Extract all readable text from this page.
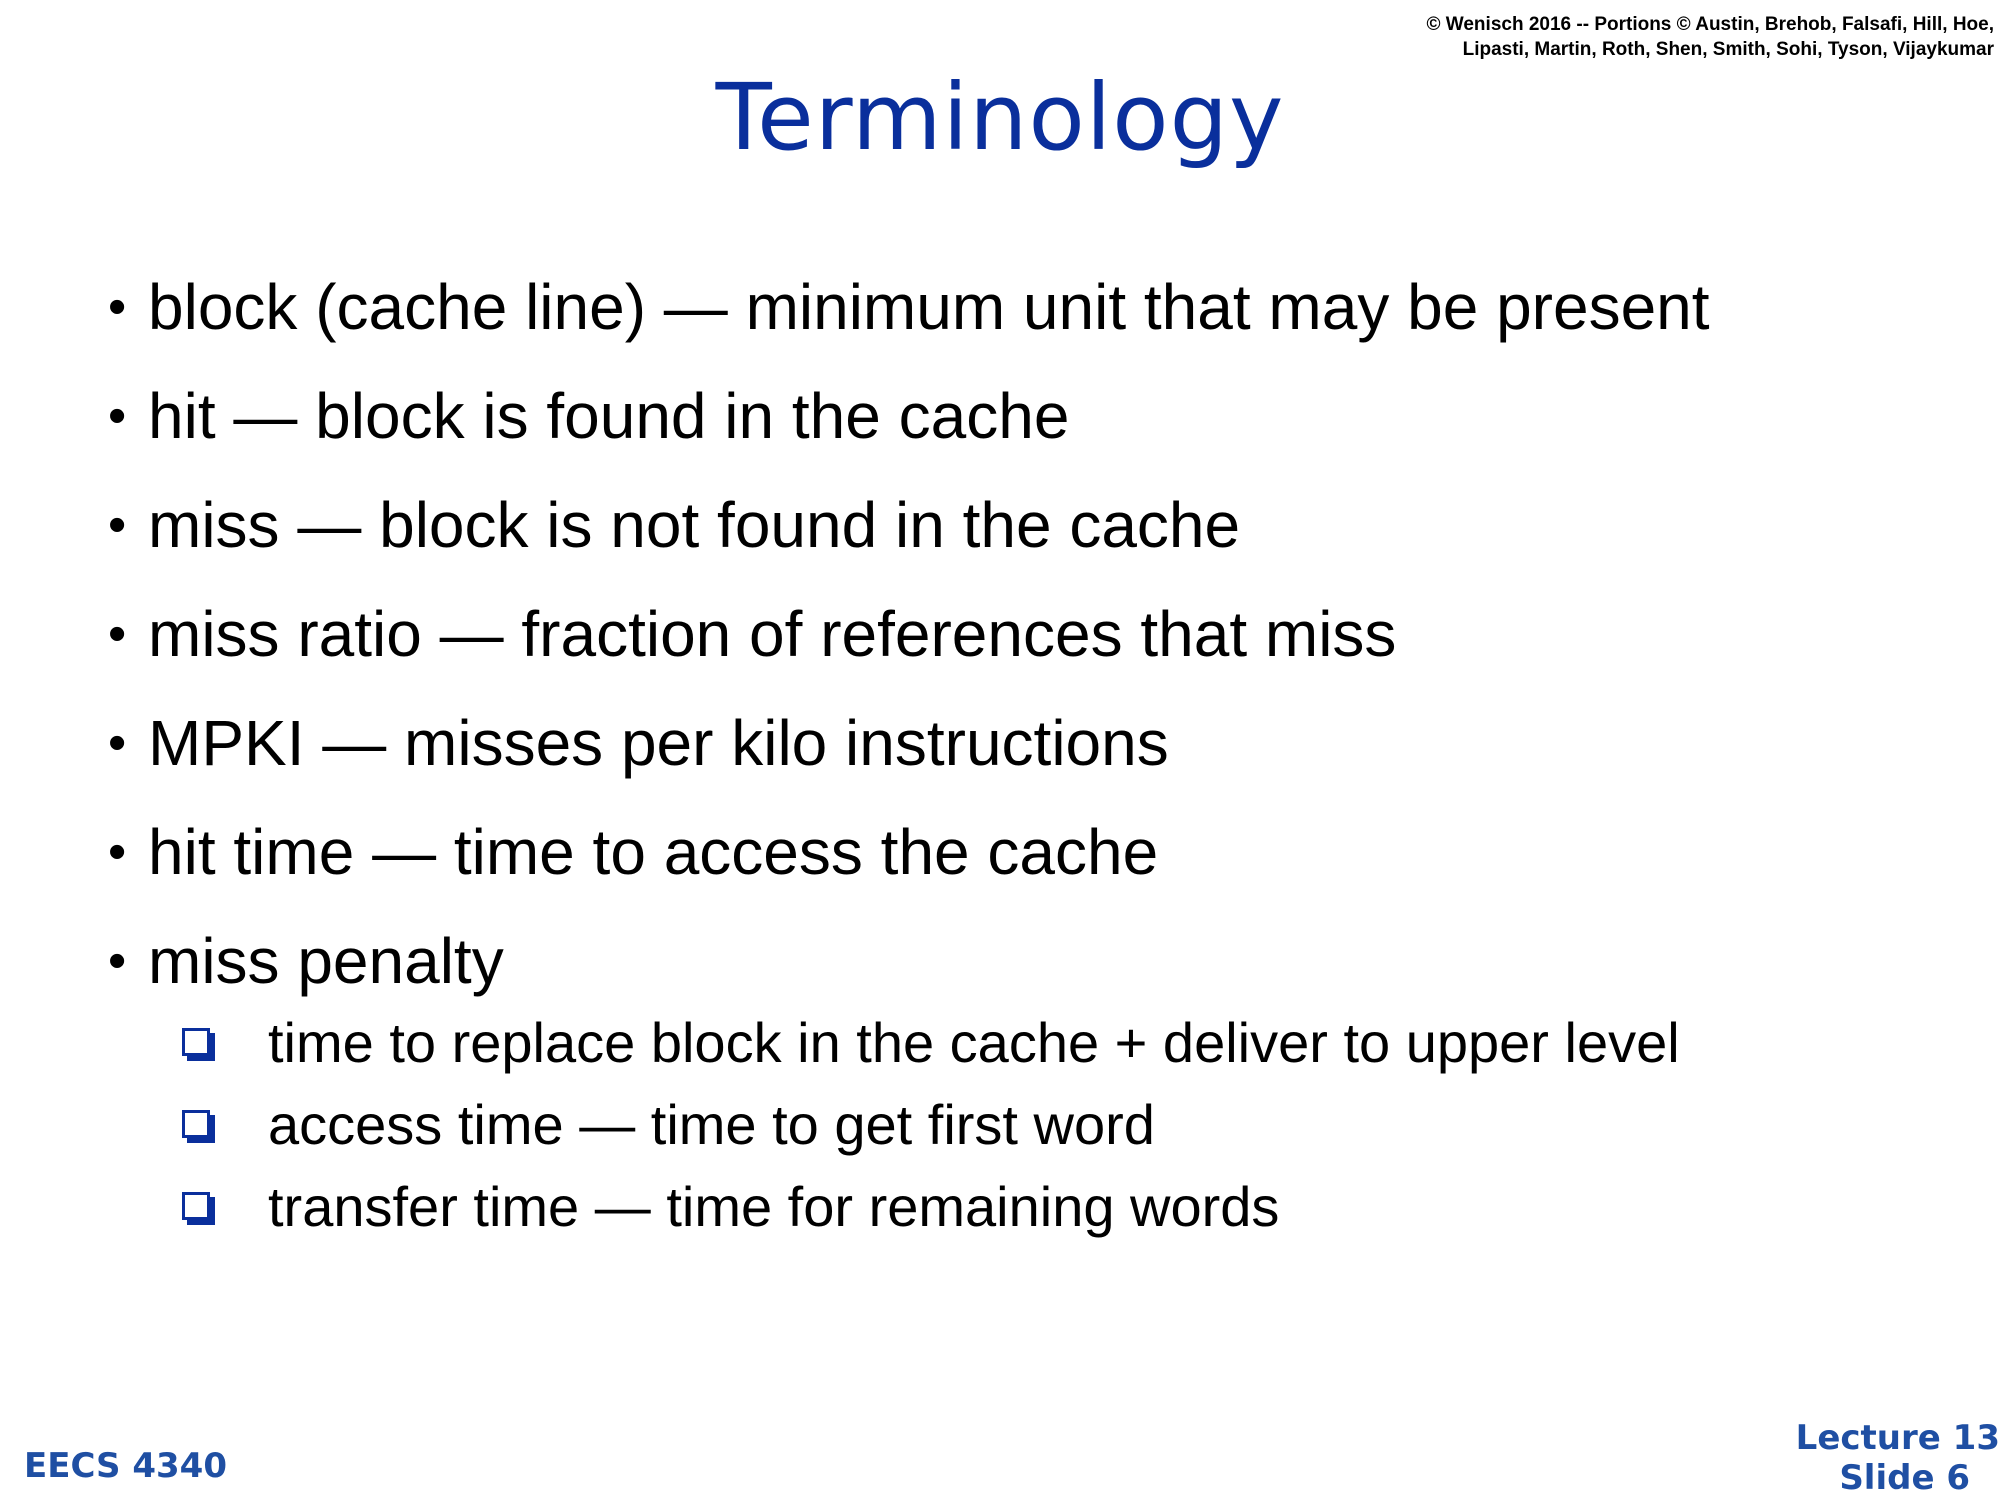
© Wenisch 2016 -- Portions © Austin, Brehob, Falsafi, Hill, Hoe,
Lipasti, Martin, Roth, Shen, Smith, Sohi, Tyson, Vijaykumar
Terminology
• block (cache line) — minimum unit that may be present
• hit — block is found in the cache
• miss — block is not found in the cache
• miss ratio — fraction of references that miss
• MPKI — misses per kilo instructions
• hit time — time to access the cache
• miss penalty
time to replace block in the cache + deliver to upper level
access time — time to get first word
transfer time — time for remaining words
EECS 4340
Lecture 13
Slide 6
